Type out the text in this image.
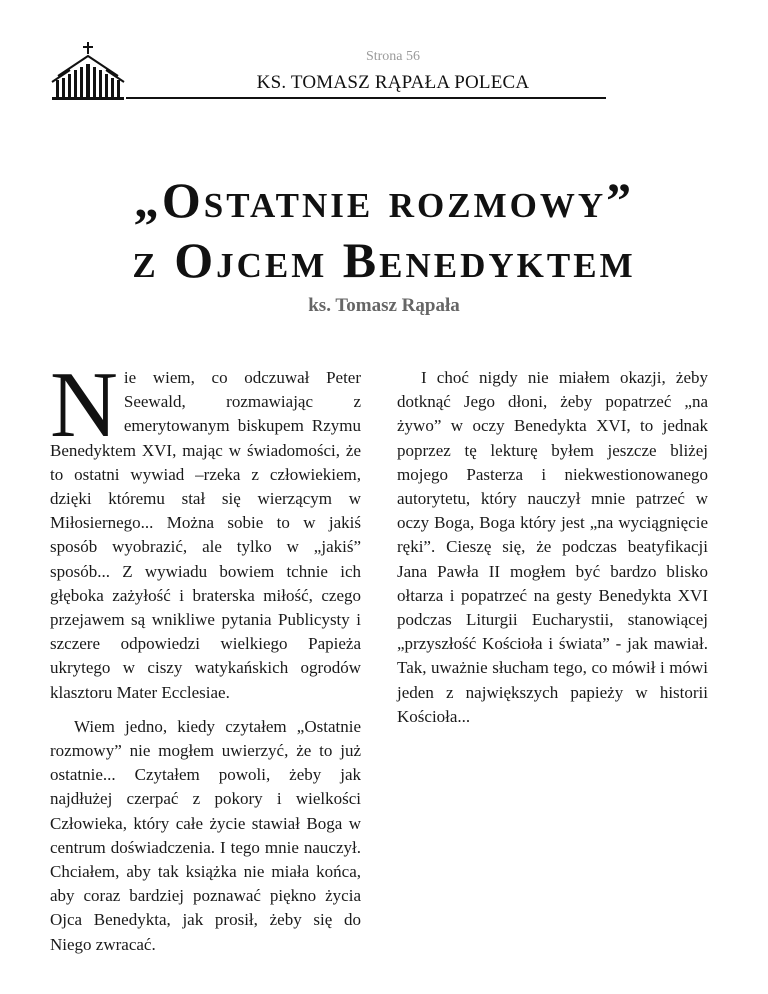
Strona 56
KS. TOMASZ RĄPAŁA POLECA
„Ostatnie rozmowy”
z Ojcem Benedyktem
ks. Tomasz Rąpała

Nie wiem, co odczuwał Peter Seewald, rozmawiając z emerytowanym biskupem Rzymu Benedyktem XVI, mając w świadomości, że to ostatni wywiad –rzeka z człowiekiem, dzięki któremu stał się wierzącym w Miłosiernego... Można sobie to w jakiś sposób wyobrazić, ale tylko w „jakiś” sposób... Z wywiadu bowiem tchnie ich głęboka zażyłość i braterska miłość, czego przejawem są wnikliwe pytania Publicysty i szczere odpowiedzi wielkiego Papieża ukrytego w ciszy watykańskich ogrodów klasztoru Mater Ecclesiae.

Wiem jedno, kiedy czytałem „Ostatnie rozmowy” nie mogłem uwierzyć, że to już ostatnie... Czytałem powoli, żeby jak najdłużej czerpać z pokory i wielkości Człowieka, który całe życie stawiał Boga w centrum doświadczenia. I tego mnie nauczył. Chciałem, aby tak książka nie miała końca, aby coraz bardziej poznawać piękno życia Ojca Benedykta, jak prosił, żeby się do Niego zwracać.

I choć nigdy nie miałem okazji, żeby dotknąć Jego dłoni, żeby popatrzeć „na żywo” w oczy Benedykta XVI, to jednak poprzez tę lekturę byłem jeszcze bliżej mojego Pasterza i niekwestionowanego autorytetu, który nauczył mnie patrzeć w oczy Boga, Boga który jest „na wyciągnięcie ręki”. Cieszę się, że podczas beatyfikacji Jana Pawła II mogłem być bardzo blisko ołtarza i popatrzeć na gesty Benedykta XVI podczas Liturgii Eucharystii, stanowiącej „przyszłość Kościoła i świata” - jak mawiał. Tak, uważnie słucham tego, co mówił i mówi jeden z największych papieży w historii Kościoła...
